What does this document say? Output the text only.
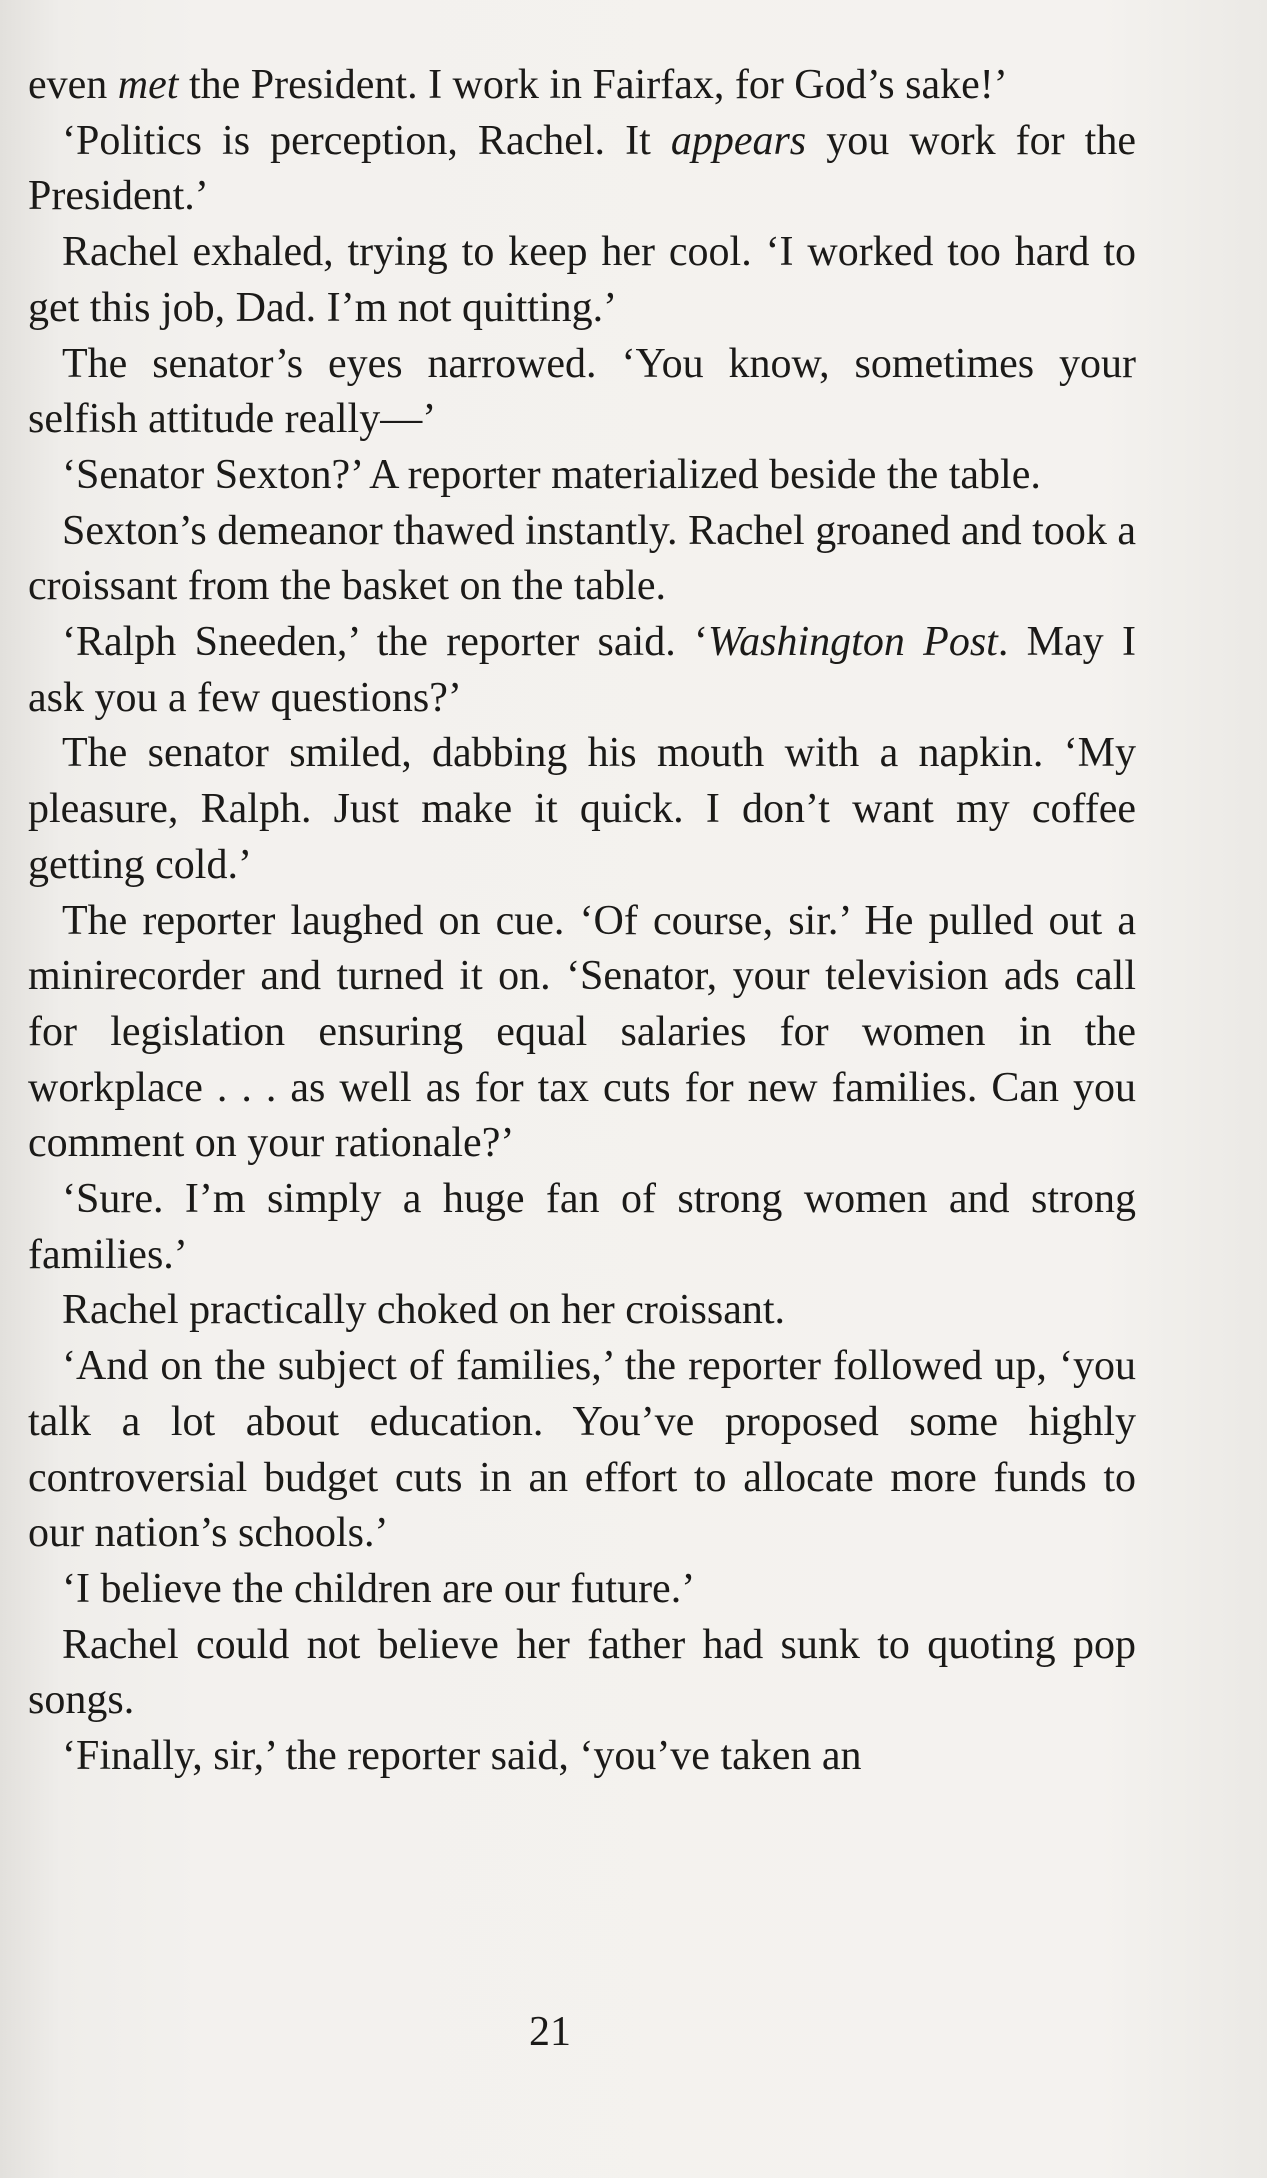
even met the President. I work in Fairfax, for God’s sake!’

‘Politics is perception, Rachel. It appears you work for the President.’

Rachel exhaled, trying to keep her cool. ‘I worked too hard to get this job, Dad. I’m not quitting.’

The senator’s eyes narrowed. ‘You know, sometimes your selfish attitude really—’

‘Senator Sexton?’ A reporter materialized beside the table.

Sexton’s demeanor thawed instantly. Rachel groaned and took a croissant from the basket on the table.

‘Ralph Sneeden,’ the reporter said. ‘Washington Post. May I ask you a few questions?’

The senator smiled, dabbing his mouth with a napkin. ‘My pleasure, Ralph. Just make it quick. I don’t want my coffee getting cold.’

The reporter laughed on cue. ‘Of course, sir.’ He pulled out a minirecorder and turned it on. ‘Senator, your television ads call for legislation ensuring equal salaries for women in the workplace . . . as well as for tax cuts for new families. Can you comment on your rationale?’

‘Sure. I’m simply a huge fan of strong women and strong families.’

Rachel practically choked on her croissant.

‘And on the subject of families,’ the reporter followed up, ‘you talk a lot about education. You’ve proposed some highly controversial budget cuts in an effort to allocate more funds to our nation’s schools.’

‘I believe the children are our future.’

Rachel could not believe her father had sunk to quoting pop songs.

‘Finally, sir,’ the reporter said, ‘you’ve taken an

21
